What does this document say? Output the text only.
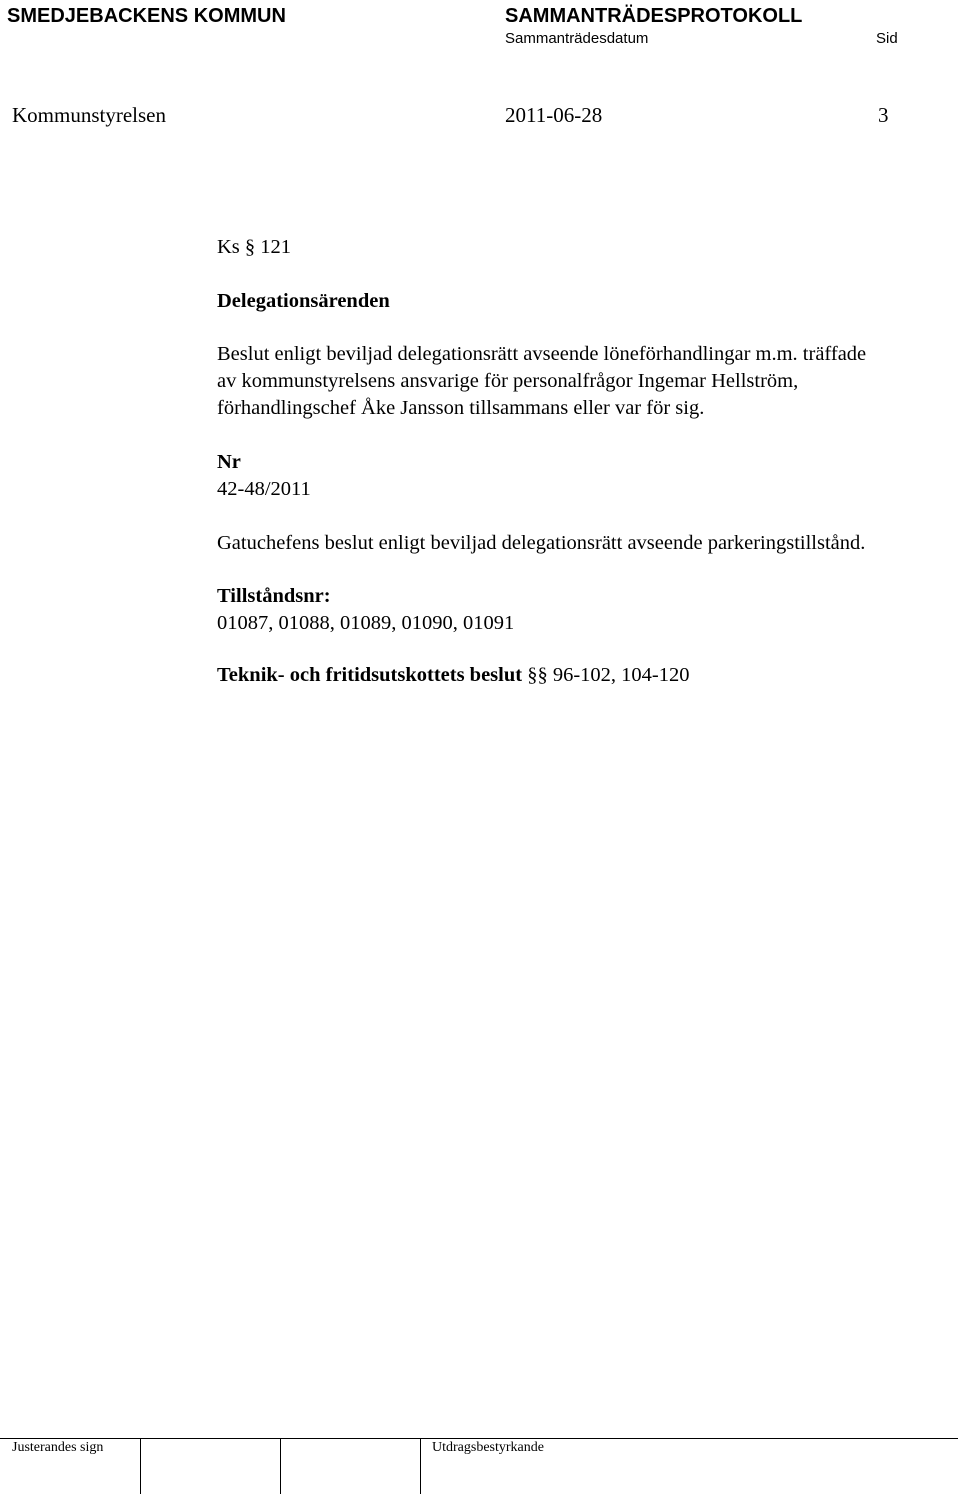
SMEDJEBACKENS KOMMUN	SAMMANTRÄDESPROTOKOLL
Sammanträdesdatum	Sid
Kommunstyrelsen	2011-06-28	3
Ks § 121
Delegationsärenden
Beslut enligt beviljad delegationsrätt avseende löneförhandlingar m.m. träffade
av kommunstyrelsens ansvarige för personalfrågor Ingemar Hellström,
förhandlingschef Åke Jansson tillsammans eller var för sig.
Nr
42-48/2011
Gatuchefens beslut enligt beviljad delegationsrätt avseende parkeringstillstånd.
Tillståndsnr:
01087, 01088, 01089, 01090, 01091
Teknik- och fritidsutskottets beslut §§ 96-102, 104-120
Justerandes sign	Utdragsbestyrkande
